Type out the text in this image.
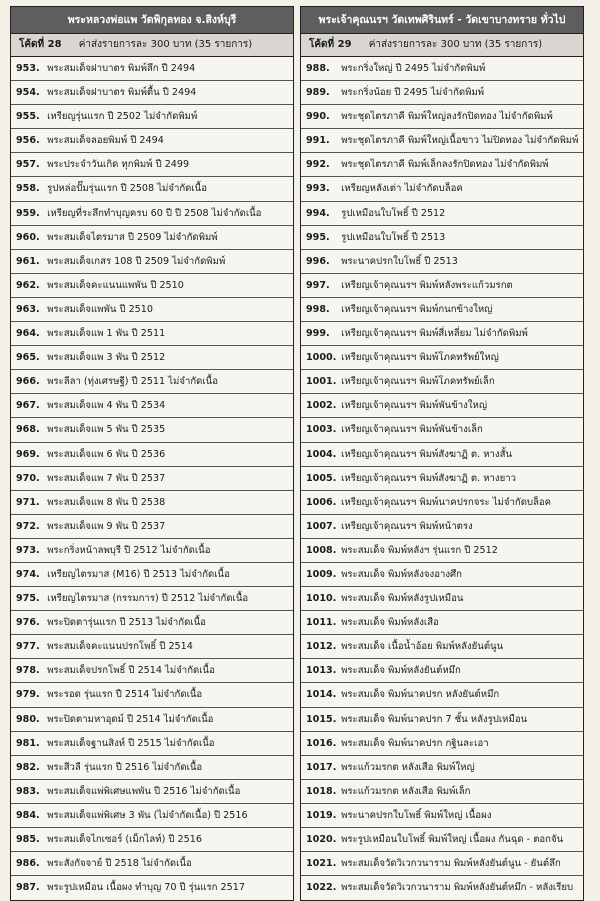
พระหลวงพ่อแพ วัดพิกุลทอง จ.สิงห์บุรี
โค้ดที่ 28 ค่าส่งรายการละ 300 บาท (35 รายการ)
953. พระสมเด็จฝาบาตร พิมพ์ลึก ปี 2494
954. พระสมเด็จฝาบาตร พิมพ์ตื้น ปี 2494
955. เหรียญรุ่นแรก ปี 2502 ไม่จำกัดพิมพ์
956. พระสมเด็จลอยพิมพ์ ปี 2494
957. พระประจำวันเกิด ทุกพิมพ์ ปี 2499
958. รูปหล่อปั๊มรุ่นแรก ปี 2508 ไม่จำกัดเนื้อ
959. เหรียญที่ระลึกทำบุญครบ 60 ปี ปี 2508 ไม่จำกัดเนื้อ
960. พระสมเด็จไตรมาส ปี 2509 ไม่จำกัดพิมพ์
961. พระสมเด็จเกสร 108 ปี 2509 ไม่จำกัดพิมพ์
962. พระสมเด็จคะแนนแพพัน ปี 2510
963. พระสมเด็จแพพัน ปี 2510
964. พระสมเด็จแพ 1 พัน ปี 2511
965. พระสมเด็จแพ 3 พัน ปี 2512
966. พระลีลา (ทุ่งเศรษฐี) ปี 2511 ไม่จำกัดเนื้อ
967. พระสมเด็จแพ 4 พัน ปี 2534
968. พระสมเด็จแพ 5 พัน ปี 2535
969. พระสมเด็จแพ 6 พัน ปี 2536
970. พระสมเด็จแพ 7 พัน ปี 2537
971. พระสมเด็จแพ 8 พัน ปี 2538
972. พระสมเด็จแพ 9 พัน ปี 2537
973. พระกริ่งหน้าลพบุรี ปี 2512 ไม่จำกัดเนื้อ
974. เหรียญไตรมาส (M16) ปี 2513 ไม่จำกัดเนื้อ
975. เหรียญไตรมาส (กรรมการ) ปี 2512 ไม่จำกัดเนื้อ
976. พระปิดตารุ่นแรก ปี 2513 ไม่จำกัดเนื้อ
977. พระสมเด็จคะแนนปรกโพธิ์ ปี 2514
978. พระสมเด็จปรกโพธิ์ ปี 2514 ไม่จำกัดเนื้อ
979. พระรอด รุ่นแรก ปี 2514 ไม่จำกัดเนื้อ
980. พระปิดตามหาอุดม์ ปี 2514 ไม่จำกัดเนื้อ
981. พระสมเด็จฐานสิงห์ ปี 2515 ไม่จำกัดเนื้อ
982. พระสีวลี รุ่นแรก ปี 2516 ไม่จำกัดเนื้อ
983. พระสมเด็จแพ่พิเศษแพพัน ปี 2516 ไม่จำกัดเนื้อ
984. พระสมเด็จแพ่พิเศษ 3 พัน (ไม่จำกัดเนื้อ) ปี 2516
985. พระสมเด็จไกเซอร์ (เม็กไลท์) ปี 2516
986. พระสังกัจจาย์ ปี 2518 ไม่จำกัดเนื้อ
987. พระรูปเหมือน เนื้อผง ทำบุญ 70 ปี รุ่นแรก 2517
พระเจ้าคุณนรฯ วัดเทพศิรินทร์ - วัดเขาบางทราย ทั่วไป
โค้ดที่ 29 ค่าส่งรายการละ 300 บาท (35 รายการ)
988. พระกริ่งใหญ่ ปี 2495 ไม่จำกัดพิมพ์
989. พระกริ่งน้อย ปี 2495 ไม่จำกัดพิมพ์
990. พระชุดไตรภาคี พิมพ์ใหญ่ลงรักปิดทอง ไม่จำกัดพิมพ์
991. พระชุดไตรภาคี พิมพ์ใหญ่เนื้อขาว ไม่ปิดทอง ไม่จำกัดพิมพ์
992. พระชุดไตรภาคี พิมพ์เล็กลงรักปิดทอง ไม่จำกัดพิมพ์
993. เหรียญหลังเต่า ไม่จำกัดบล็อค
994. รูปเหมือนใบโพธิ์ ปี 2512
995. รูปเหมือนใบโพธิ์ ปี 2513
996. พระนาคปรกใบโพธิ์ ปี 2513
997. เหรียญเจ้าคุณนรฯ พิมพ์หลังพระแก้วมรกต
998. เหรียญเจ้าคุณนรฯ พิมพ์กนกข้างใหญ่
999. เหรียญเจ้าคุณนรฯ พิมพ์สี่เหลี่ยม ไม่จำกัดพิมพ์
1000. เหรียญเจ้าคุณนรฯ พิมพ์โภคทรัพย์ใหญ่
1001. เหรียญเจ้าคุณนรฯ พิมพ์โภคทรัพย์เล็ก
1002. เหรียญเจ้าคุณนรฯ พิมพ์พันข้างใหญ่
1003. เหรียญเจ้าคุณนรฯ พิมพ์พันข้างเล็ก
1004. เหรียญเจ้าคุณนรฯ พิมพ์สังฆาฏิ ต. หางสั้น
1005. เหรียญเจ้าคุณนรฯ พิมพ์สังฆาฏิ ต. หางยาว
1006. เหรียญเจ้าคุณนรฯ พิมพ์นาคปรกจระ ไม่จำกัดบล็อค
1007. เหรียญเจ้าคุณนรฯ พิมพ์หน้าตรง
1008. พระสมเด็จ พิมพ์หลังฯ รุ่นแรก ปี 2512
1009. พระสมเด็จ พิมพ์หลังจงอางศึก
1010. พระสมเด็จ พิมพ์หลังรูปเหมือน
1011. พระสมเด็จ พิมพ์หลังเสือ
1012. พระสมเด็จ เนื้อน้ำอ้อย พิมพ์หลังยันต์นูน
1013. พระสมเด็จ พิมพ์หลังยันต์หมึก
1014. พระสมเด็จ พิมพ์นาคปรก หลังยันต์หมึก
1015. พระสมเด็จ พิมพ์นาคปรก 7 ชั้น หลังรูปเหมือน
1016. พระสมเด็จ พิมพ์นาคปรก กฐินละเอา
1017. พระแก้วมรกต หลังเสือ พิมพ์ใหญ่
1018. พระแก้วมรกต หลังเสือ พิมพ์เล็ก
1019. พระนาคปรกใบโพธิ์ พิมพ์ใหญ่ เนื้อผง
1020. พระรูปเหมือนใบโพธิ์ พิมพ์ใหญ่ เนื้อผง กันฉุด - ตอกจัน
1021. พระสมเด็จวัดวิเวกวนาราม พิมพ์หลังยันต์นูน - ยันต์ลึก
1022. พระสมเด็จวัดวิเวกวนาราม พิมพ์หลังยันต์หมึก - หลังเรียบ
